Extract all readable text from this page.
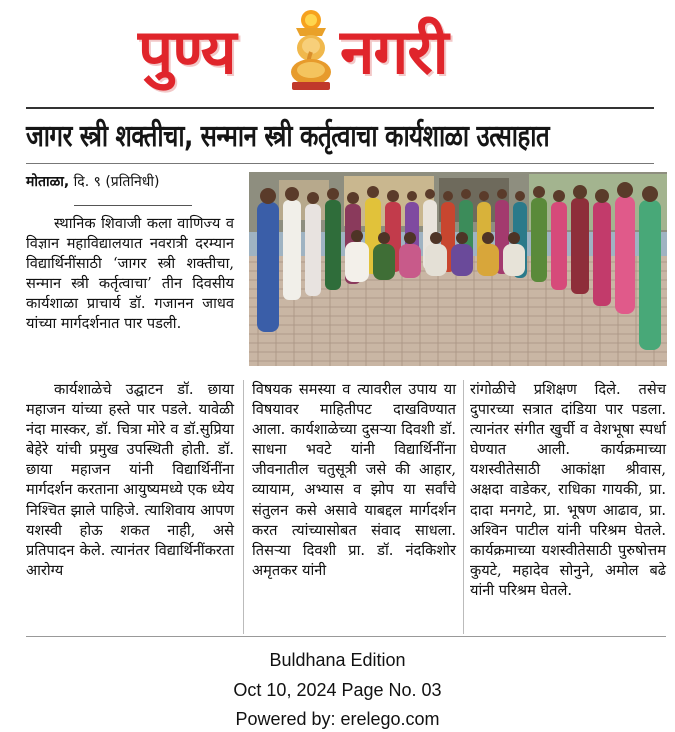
पुण्य नगरी
जागर स्त्री शक्तीचा, सन्मान स्त्री कर्तृत्वाचा कार्यशाळा उत्साहात
मोताळा, दि. ९ (प्रतिनिधी)

स्थानिक शिवाजी कला वाणिज्य व विज्ञान महाविद्यालयात नवरात्री दरम्यान विद्यार्थिनींसाठी ‘जागर स्त्री शक्तीचा, सन्मान स्त्री कर्तृत्वाचा’ तीन दिवसीय कार्यशाळा प्राचार्य डॉ. गजानन जाधव यांच्या मार्गदर्शनात पार पडली.

कार्यशाळेचे उद्घाटन डॉ. छाया महाजन यांच्या हस्ते पार पडले. यावेळी नंदा मास्कर, डॉ. चित्रा मोरे व डॉ.सुप्रिया बेहेरे यांची प्रमुख उपस्थिती होती. डॉ. छाया महाजन यांनी विद्यार्थिनींना मार्गदर्शन करताना आयुष्यमध्ये एक ध्येय निश्चित झाले पाहिजे. त्याशिवाय आपण यशस्वी होऊ शकत नाही, असे प्रतिपादन केले. त्यानंतर विद्यार्थिनींकरता आरोग्य

विषयक समस्या व त्यावरील उपाय या विषयावर माहितीपट दाखविण्यात आला. कार्यशाळेच्या दुसऱ्या दिवशी डॉ. साधना भवटे यांनी विद्यार्थिनींना जीवनातील चतुसूत्री जसे की आहार, व्यायाम, अभ्यास व झोप या सर्वांचे संतुलन कसे असावे याबद्दल मार्गदर्शन करत त्यांच्यासोबत संवाद साधला. तिसऱ्या दिवशी प्रा. डॉ. नंदकिशोर अमृतकर यांनी

रांगोळीचे प्रशिक्षण दिले. तसेच दुपारच्या सत्रात दांडिया पार पडला. त्यानंतर संगीत खुर्ची व वेशभूषा स्पर्धा घेण्यात आली. कार्यक्रमाच्या यशस्वीतेसाठी आकांक्षा श्रीवास, अक्षदा वाडेकर, राधिका गायकी, प्रा. दादा मनगटे, प्रा. भूषण आढाव, प्रा. अश्विन पाटील यांनी परिश्रम घेतले. कार्यक्रमाच्या यशस्वीतेसाठी पुरुषोत्तम कुयटे, महादेव सोनुने, अमोल बढे यांनी परिश्रम घेतले.

Buldhana Edition
Oct 10, 2024 Page No. 03
Powered by: erelego.com
